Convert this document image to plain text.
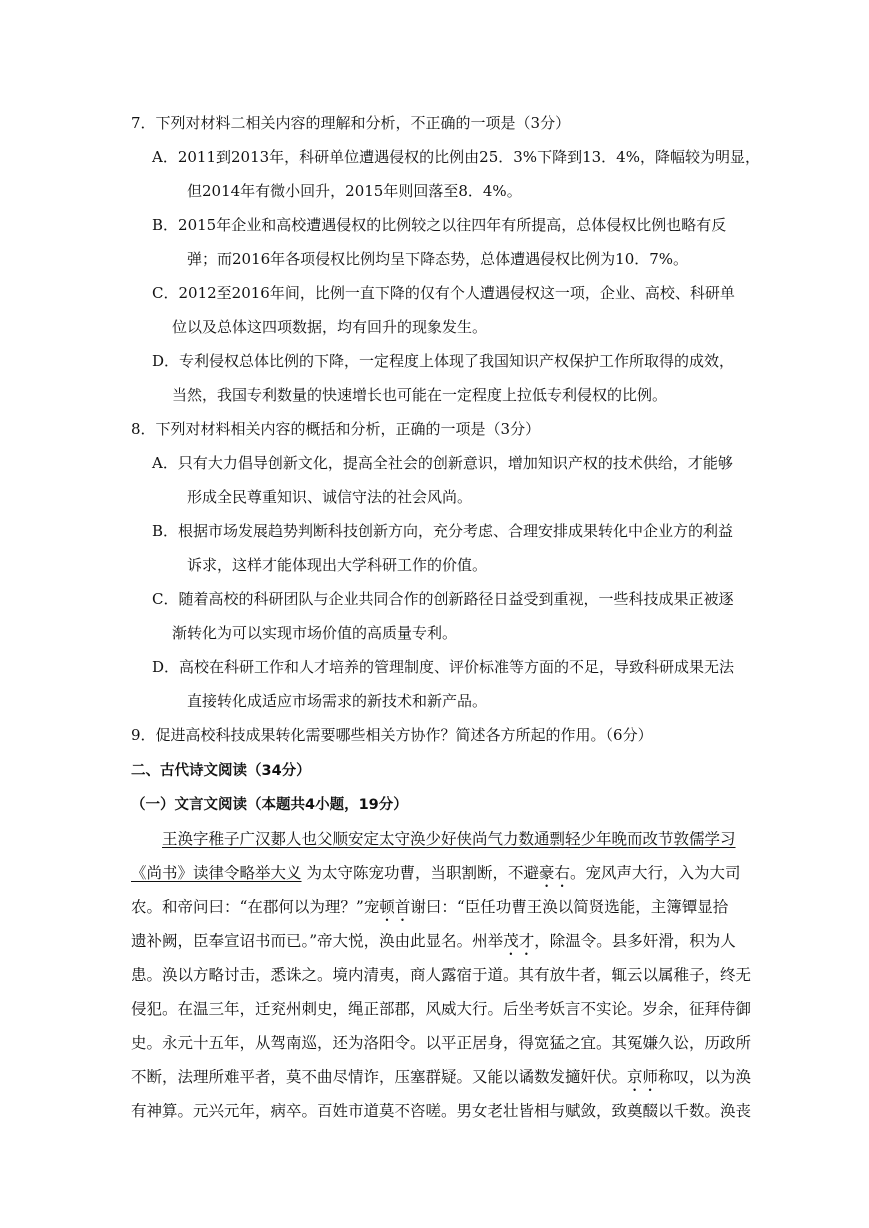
7．下列对材料二相关内容的理解和分析，不正确的一项是（3分）
A．2011到2013年，科研单位遭遇侵权的比例由25．3%下降到13．4%，降幅较为明显，
但2014年有微小回升，2015年则回落至8．4%。
B．2015年企业和高校遭遇侵权的比例较之以往四年有所提高，总体侵权比例也略有反
弹；而2016年各项侵权比例均呈下降态势，总体遭遇侵权比例为10．7%。
C．2012至2016年间，比例一直下降的仅有个人遭遇侵权这一项，企业、高校、科研单
位以及总体这四项数据，均有回升的现象发生。
D．专利侵权总体比例的下降，一定程度上体现了我国知识产权保护工作所取得的成效，
当然，我国专利数量的快速增长也可能在一定程度上拉低专利侵权的比例。
8．下列对材料相关内容的概括和分析，正确的一项是（3分）
A．只有大力倡导创新文化，提高全社会的创新意识，增加知识产权的技术供给，才能够
形成全民尊重知识、诚信守法的社会风尚。
B．根据市场发展趋势判断科技创新方向，充分考虑、合理安排成果转化中企业方的利益
诉求，这样才能体现出大学科研工作的价值。
C．随着高校的科研团队与企业共同合作的创新路径日益受到重视，一些科技成果正被逐
渐转化为可以实现市场价值的高质量专利。
D．高校在科研工作和人才培养的管理制度、评价标准等方面的不足，导致科研成果无法
直接转化成适应市场需求的新技术和新产品。
9．促进高校科技成果转化需要哪些相关方协作？简述各方所起的作用。（6分）
二、古代诗文阅读（34分）
（一）文言文阅读（本题共4小题，19分）
王涣字稚子广汉郪人也父顺安定太守涣少好侠尚气力数通剽轻少年晚而改节敦儒学习
《尚书》读律令略举大义 为太守陈宠功曹，当职割断，不避豪右。宠风声大行，入为大司
农。和帝问曰：“在郡何以为理？”宠顿首谢曰：“臣任功曹王涣以简贤选能，主簿镡显拾
遗补阙，臣奉宣诏书而已。”帝大悦，涣由此显名。州举茂才，除温令。县多奸滑，积为人
患。涣以方略讨击，悉诛之。境内清夷，商人露宿于道。其有放牛者，辄云以属稚子，终无
侵犯。在温三年，迁兖州刺史，绳正部郡，风威大行。后坐考妖言不实论。岁余，征拜侍御
史。永元十五年，从驾南巡，还为洛阳令。以平正居身，得宽猛之宜。其冤嫌久讼，历政所
不断，法理所难平者，莫不曲尽情诈，压塞群疑。又能以谲数发擿奸伏。京师称叹，以为涣
有神算。元兴元年，病卒。百姓市道莫不咨嗟。男女老壮皆相与赋敛，致奠醊以千数。涣丧
